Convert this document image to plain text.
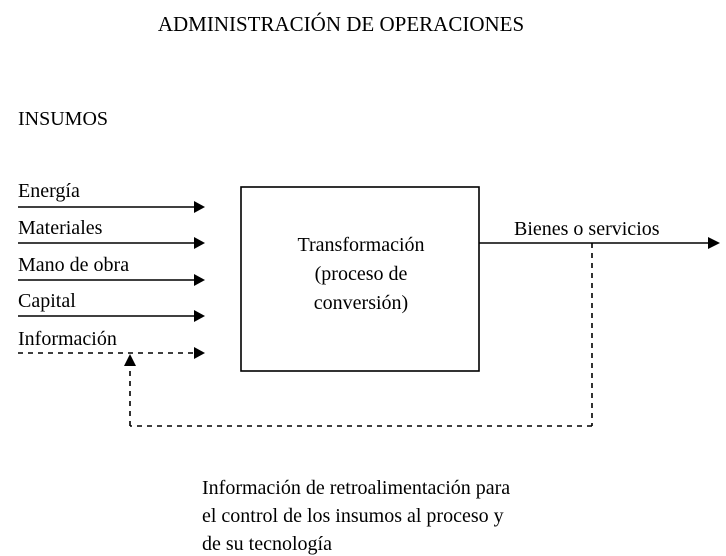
ADMINISTRACIÓN DE OPERACIONES
INSUMOS
Energía
Materiales
Mano de obra
Capital
Información
Transformación
(proceso de
conversión)
Bienes o servicios
Información de retroalimentación para
el control de los insumos al proceso y
de su tecnología
